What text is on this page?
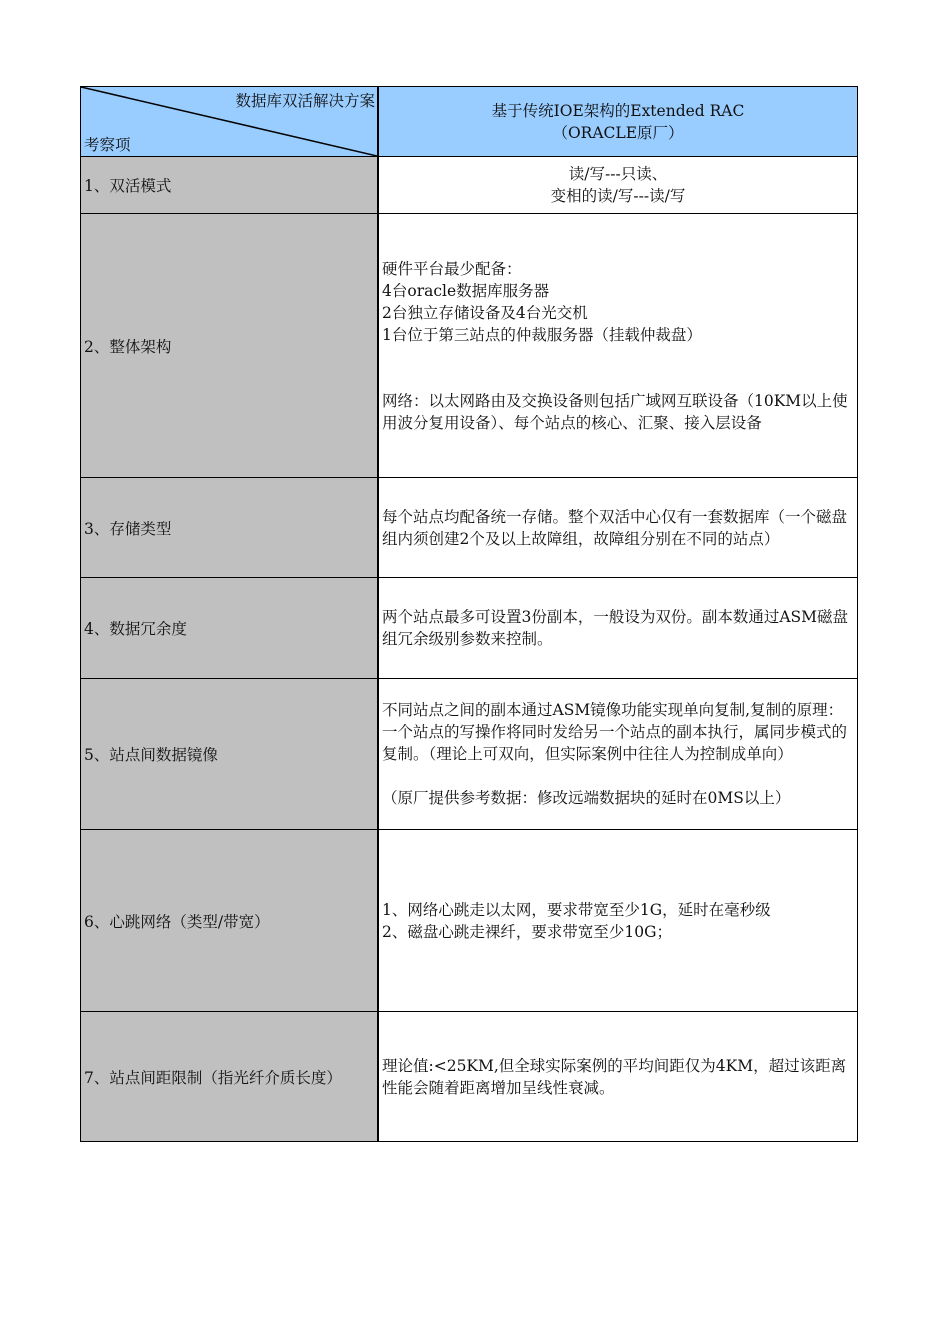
数据库双活解决方案
考察项	基于传统IOE架构的Extended RAC
（ORACLE原厂）

1、双活模式	读/写---只读、
变相的读/写---读/写

2、整体架构	硬件平台最少配备：
4台oracle数据库服务器
2台独立存储设备及4台光交机
1台位于第三站点的仲裁服务器（挂载仲裁盘）
网络：以太网路由及交换设备则包括广域网互联设备（10KM以上使用波分复用设备）、每个站点的核心、汇聚、接入层设备

3、存储类型	每个站点均配备统一存储。整个双活中心仅有一套数据库（一个磁盘组内须创建2个及以上故障组，故障组分别在不同的站点）

4、数据冗余度	两个站点最多可设置3份副本，一般设为双份。副本数通过ASM磁盘组冗余级别参数来控制。

5、站点间数据镜像	不同站点之间的副本通过ASM镜像功能实现单向复制,复制的原理：一个站点的写操作将同时发给另一个站点的副本执行，属同步模式的复制。（理论上可双向，但实际案例中往往人为控制成单向）
（原厂提供参考数据：修改远端数据块的延时在0MS以上）

6、心跳网络（类型/带宽）	1、网络心跳走以太网，要求带宽至少1G，延时在毫秒级
2、磁盘心跳走裸纤，要求带宽至少10G；

7、站点间距限制（指光纤介质长度）	理论值:<25KM,但全球实际案例的平均间距仅为4KM，超过该距离性能会随着距离增加呈线性衰减。
